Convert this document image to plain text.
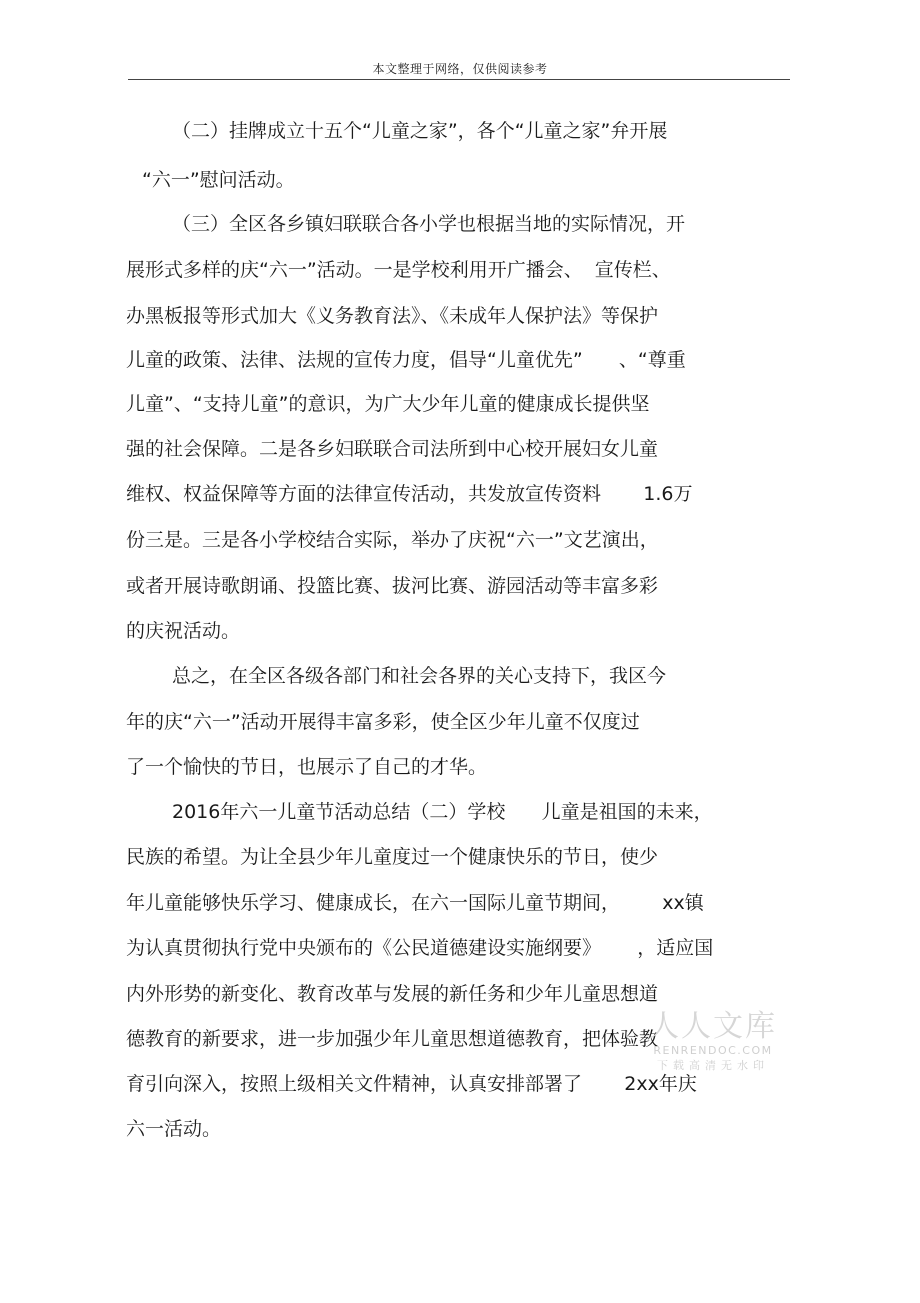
本文整理于网络，仅供阅读参考
（二）挂牌成立十五个“儿童之家”，各个“儿童之家”弁开展
“六一”慰问活动。
（三）全区各乡镇妇联联合各小学也根据当地的实际情况，开
展形式多样的庆“六一”活动。一是学校利用开广播会、  宣传栏、
办黑板报等形式加大《义务教育法》、《未成年人保护法》等保护
儿童的政策、法律、法规的宣传力度，倡导“儿童优先”      、“尊重
儿童”、“支持儿童”的意识，为广大少年儿童的健康成长提供坚
强的社会保障。二是各乡妇联联合司法所到中心校开展妇女儿童
维权、权益保障等方面的法律宣传活动，共发放宣传资料       1.6万
份三是。三是各小学校结合实际，举办了庆祝“六一”文艺演出，
或者开展诗歌朗诵、投篮比赛、拔河比赛、游园活动等丰富多彩
的庆祝活动。
总之，在全区各级各部门和社会各界的关心支持下，我区今
年的庆“六一”活动开展得丰富多彩，使全区少年儿童不仅度过
了一个愉快的节日，也展示了自己的才华。
2016年六一儿童节活动总结（二）学校      儿童是祖国的未来，
民族的希望。为让全县少年儿童度过一个健康快乐的节日，使少
年儿童能够快乐学习、健康成长，在六一国际儿童节期间，       xx镇
为认真贯彻执行党中央颁布的《公民道德建设实施纲要》      ，适应国
内外形势的新变化、教育改革与发展的新任务和少年儿童思想道
德教育的新要求，进一步加强少年儿童思想道德教育，把体验教
育引向深入，按照上级相关文件精神，认真安排部署了       2xx年庆
六一活动。
人人文库
RENRENDOC.COM
下载高清无水印
